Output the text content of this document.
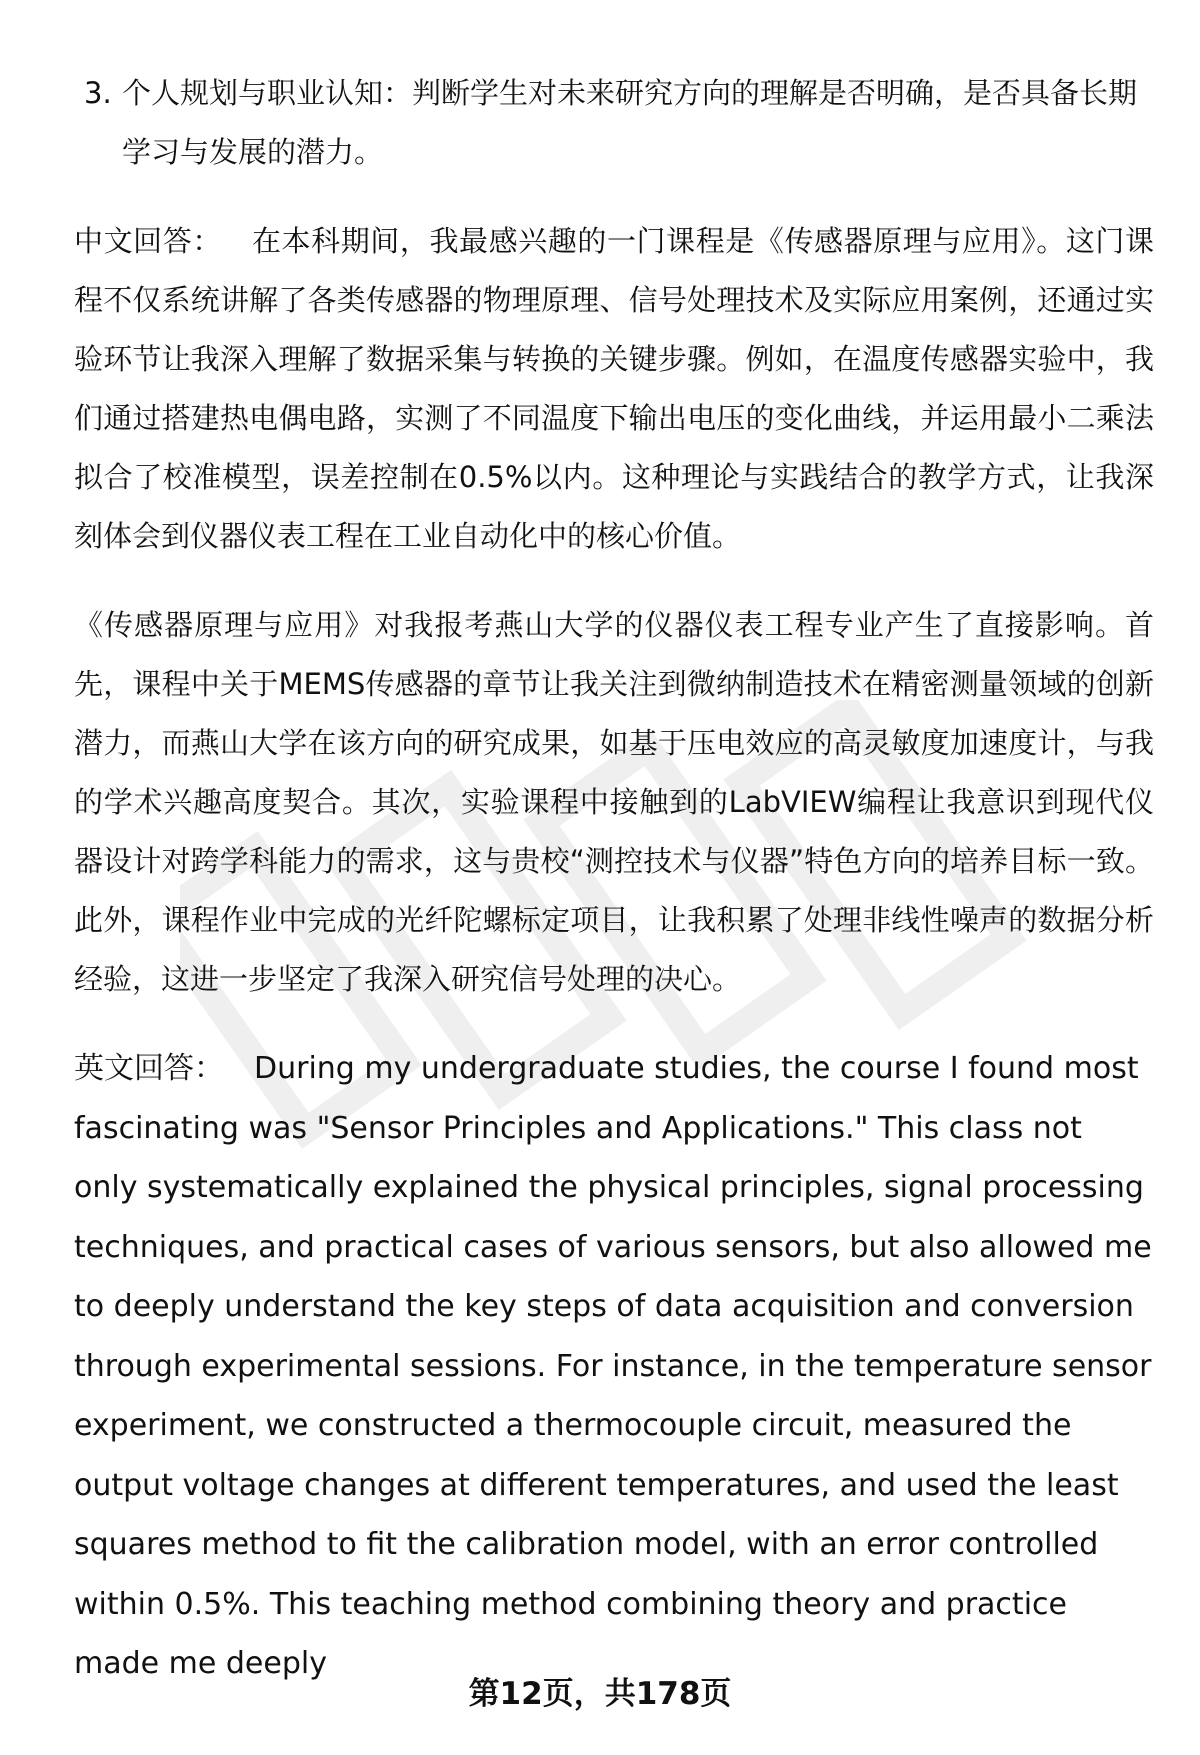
3. 个人规划与职业认知：判断学生对未来研究方向的理解是否明确，是否具备长期学习与发展的潜力。

中文回答： 在本科期间，我最感兴趣的一门课程是《传感器原理与应用》。这门课程不仅系统讲解了各类传感器的物理原理、信号处理技术及实际应用案例，还通过实验环节让我深入理解了数据采集与转换的关键步骤。例如，在温度传感器实验中，我们通过搭建热电偶电路，实测了不同温度下输出电压的变化曲线，并运用最小二乘法拟合了校准模型，误差控制在0.5%以内。这种理论与实践结合的教学方式，让我深刻体会到仪器仪表工程在工业自动化中的核心价值。

《传感器原理与应用》对我报考燕山大学的仪器仪表工程专业产生了直接影响。首先，课程中关于MEMS传感器的章节让我关注到微纳制造技术在精密测量领域的创新潜力，而燕山大学在该方向的研究成果，如基于压电效应的高灵敏度加速度计，与我的学术兴趣高度契合。其次，实验课程中接触到的LabVIEW编程让我意识到现代仪器设计对跨学科能力的需求，这与贵校“测控技术与仪器”特色方向的培养目标一致。此外，课程作业中完成的光纤陀螺标定项目，让我积累了处理非线性噪声的数据分析经验，这进一步坚定了我深入研究信号处理的决心。

英文回答： During my undergraduate studies, the course I found most fascinating was "Sensor Principles and Applications." This class not only systematically explained the physical principles, signal processing techniques, and practical cases of various sensors, but also allowed me to deeply understand the key steps of data acquisition and conversion through experimental sessions. For instance, in the temperature sensor experiment, we constructed a thermocouple circuit, measured the output voltage changes at different temperatures, and used the least squares method to fit the calibration model, with an error controlled within 0.5%. This teaching method combining theory and practice made me deeply

第12页，共178页
